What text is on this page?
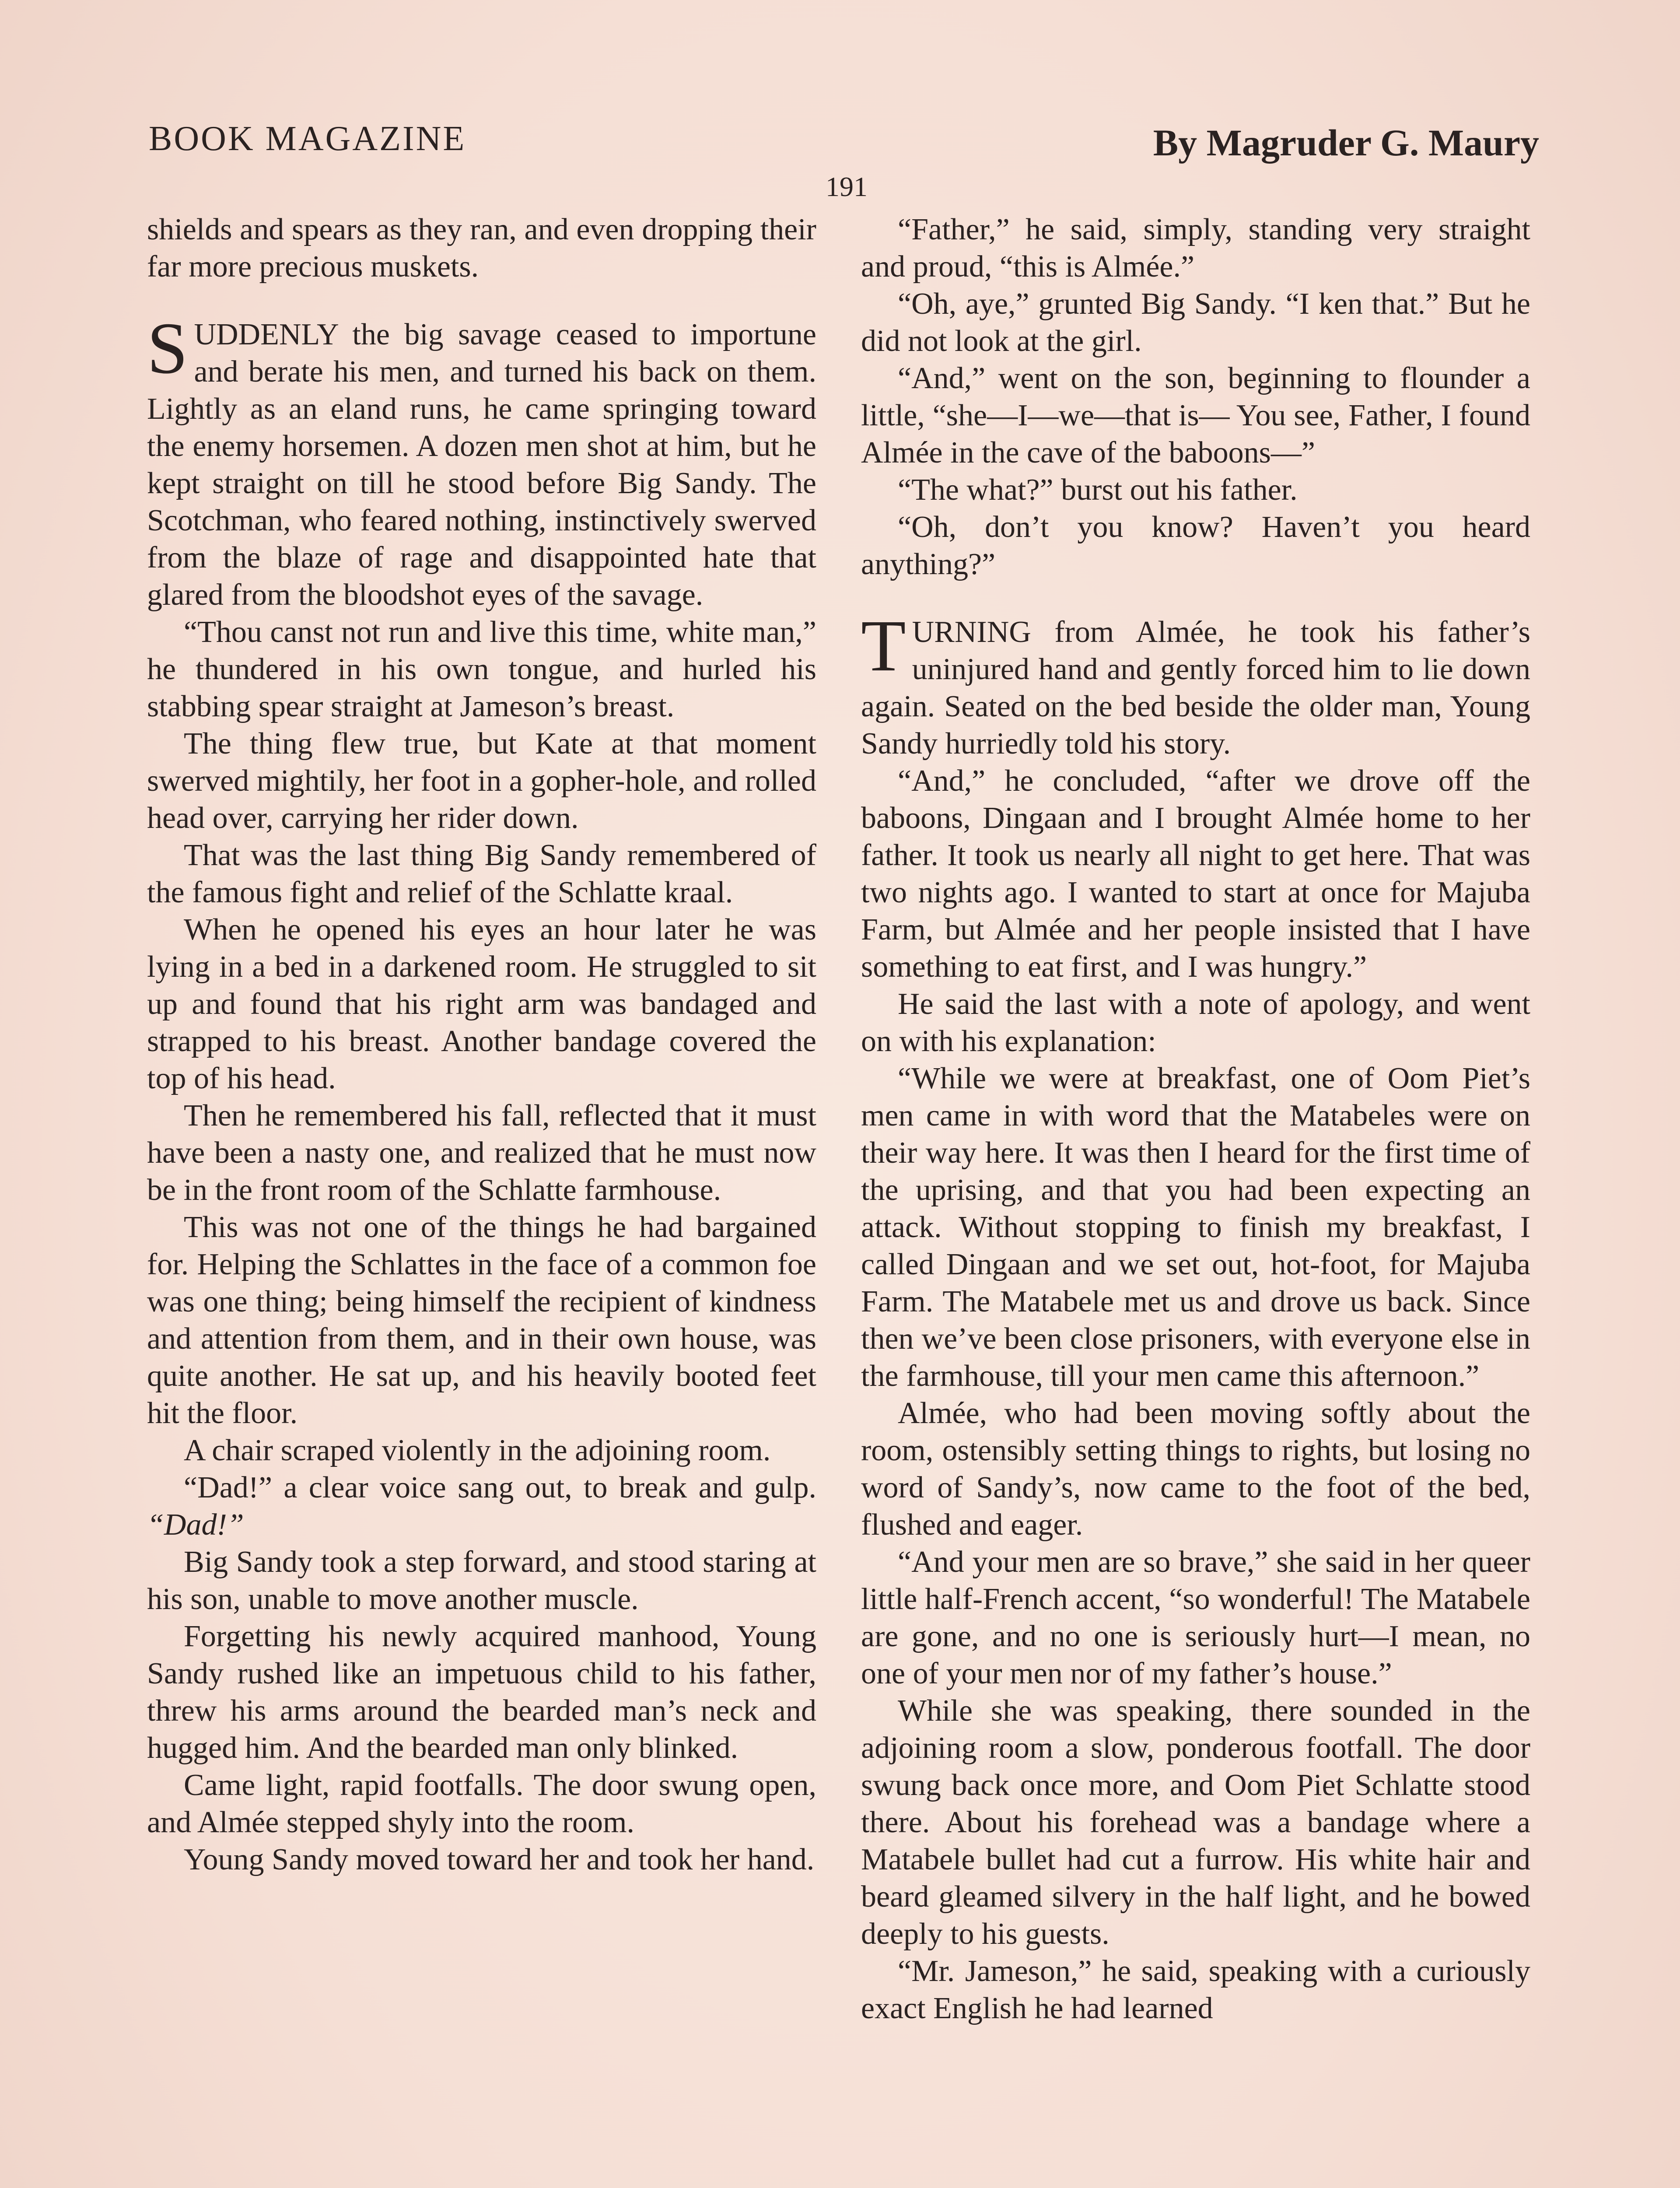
BOOK MAGAZINE	By Magruder G. Maury
191

shields and spears as they ran, and even dropping their far more precious muskets.

SUDDENLY the big savage ceased to importune and berate his men, and turned his back on them. Lightly as an eland runs, he came springing toward the enemy horsemen. A dozen men shot at him, but he kept straight on till he stood before Big Sandy. The Scotchman, who feared nothing, instinctively swerved from the blaze of rage and disappointed hate that glared from the bloodshot eyes of the savage.

“Thou canst not run and live this time, white man,” he thundered in his own tongue, and hurled his stabbing spear straight at Jameson’s breast.

The thing flew true, but Kate at that moment swerved mightily, her foot in a gopher-hole, and rolled head over, carrying her rider down.

That was the last thing Big Sandy remembered of the famous fight and relief of the Schlatte kraal.

When he opened his eyes an hour later he was lying in a bed in a darkened room. He struggled to sit up and found that his right arm was bandaged and strapped to his breast. Another bandage covered the top of his head.

Then he remembered his fall, reflected that it must have been a nasty one, and realized that he must now be in the front room of the Schlatte farmhouse.

This was not one of the things he had bargained for. Helping the Schlattes in the face of a common foe was one thing; being himself the recipient of kindness and attention from them, and in their own house, was quite another. He sat up, and his heavily booted feet hit the floor.

A chair scraped violently in the adjoining room.

“Dad!” a clear voice sang out, to break and gulp. “Dad!”

Big Sandy took a step forward, and stood staring at his son, unable to move another muscle.

Forgetting his newly acquired manhood, Young Sandy rushed like an impetuous child to his father, threw his arms around the bearded man’s neck and hugged him. And the bearded man only blinked.

Came light, rapid footfalls. The door swung open, and Almée stepped shyly into the room.

Young Sandy moved toward her and took her hand.

“Father,” he said, simply, standing very straight and proud, “this is Almée.”

“Oh, aye,” grunted Big Sandy. “I ken that.” But he did not look at the girl.

“And,” went on the son, beginning to flounder a little, “she—I—we—that is— You see, Father, I found Almée in the cave of the baboons—”

“The what?” burst out his father.

“Oh, don’t you know? Haven’t you heard anything?”

TURNING from Almée, he took his father’s uninjured hand and gently forced him to lie down again. Seated on the bed beside the older man, Young Sandy hurriedly told his story.

“And,” he concluded, “after we drove off the baboons, Dingaan and I brought Almée home to her father. It took us nearly all night to get here. That was two nights ago. I wanted to start at once for Majuba Farm, but Almée and her people insisted that I have something to eat first, and I was hungry.”

He said the last with a note of apology, and went on with his explanation:

“While we were at breakfast, one of Oom Piet’s men came in with word that the Matabeles were on their way here. It was then I heard for the first time of the uprising, and that you had been expecting an attack. Without stopping to finish my breakfast, I called Dingaan and we set out, hot-foot, for Majuba Farm. The Matabele met us and drove us back. Since then we’ve been close prisoners, with everyone else in the farmhouse, till your men came this afternoon.”

Almée, who had been moving softly about the room, ostensibly setting things to rights, but losing no word of Sandy’s, now came to the foot of the bed, flushed and eager.

“And your men are so brave,” she said in her queer little half-French accent, “so wonderful! The Matabele are gone, and no one is seriously hurt—I mean, no one of your men nor of my father’s house.”

While she was speaking, there sounded in the adjoining room a slow, ponderous footfall. The door swung back once more, and Oom Piet Schlatte stood there. About his forehead was a bandage where a Matabele bullet had cut a furrow. His white hair and beard gleamed silvery in the half light, and he bowed deeply to his guests.

“Mr. Jameson,” he said, speaking with a curiously exact English he had learned
